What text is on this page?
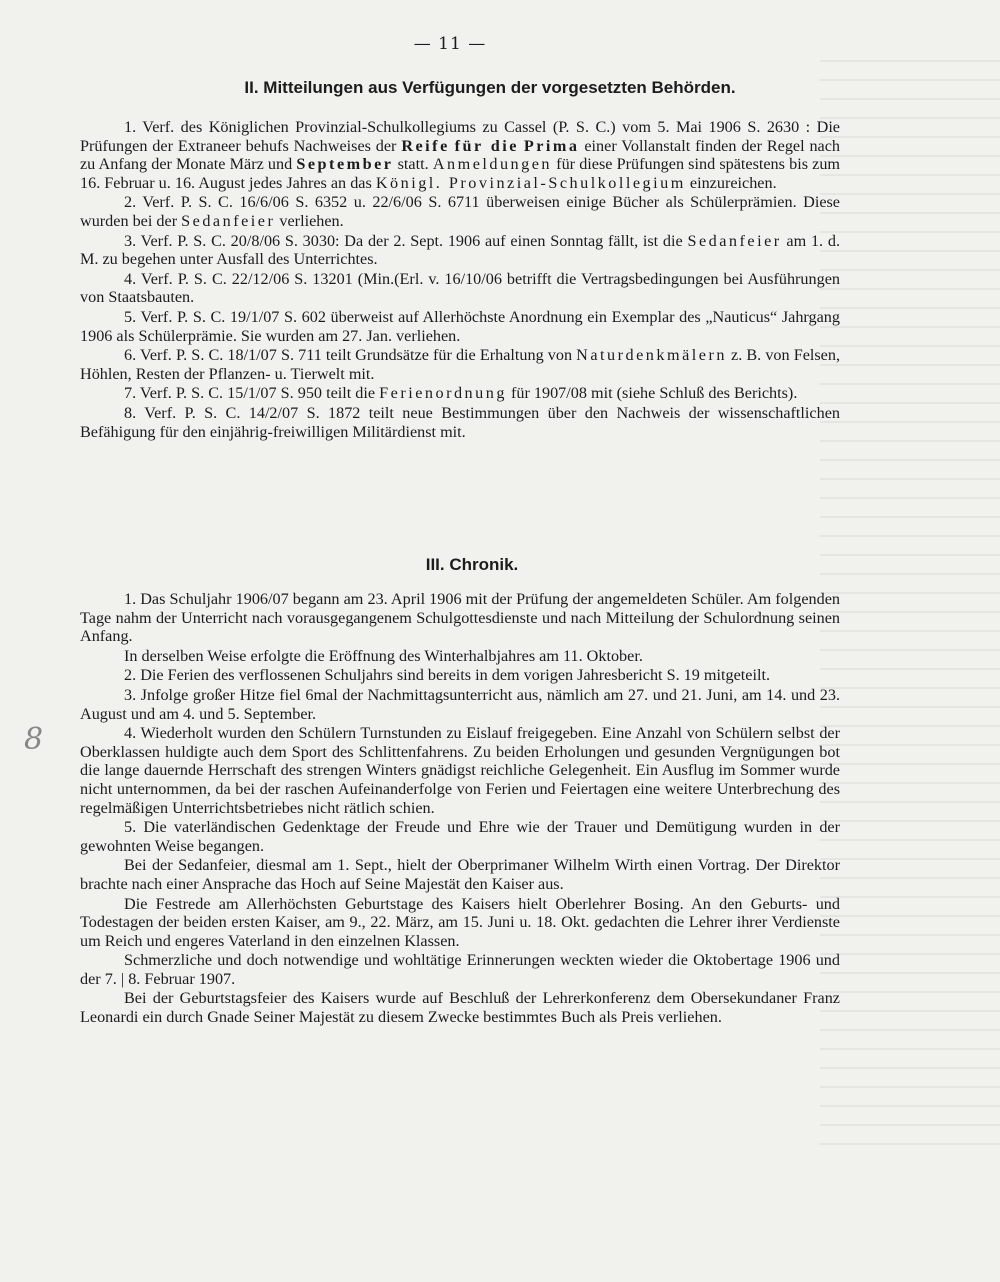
— 11 —
8
II. Mitteilungen aus Verfügungen der vorgesetzten Behörden.

1. Verf. des Königlichen Provinzial-Schulkollegiums zu Cassel (P. S. C.) vom 5. Mai 1906 S. 2630 : Die Prüfungen der Extraneer behufs Nachweises der Reife für die Prima einer Vollanstalt finden der Regel nach zu Anfang der Monate März und September statt. Anmeldungen für diese Prüfungen sind spätestens bis zum 16. Februar u. 16. August jedes Jahres an das Königl. Provinzial-Schulkollegium einzureichen.

2. Verf. P. S. C. 16/6/06 S. 6352 u. 22/6/06 S. 6711 überweisen einige Bücher als Schülerprämien. Diese wurden bei der Sedanfeier verliehen.

3. Verf. P. S. C. 20/8/06 S. 3030: Da der 2. Sept. 1906 auf einen Sonntag fällt, ist die Sedanfeier am 1. d. M. zu begehen unter Ausfall des Unterrichtes.

4. Verf. P. S. C. 22/12/06 S. 13201 (Min.(Erl. v. 16/10/06 betrifft die Vertragsbedingungen bei Ausführungen von Staatsbauten.

5. Verf. P. S. C. 19/1/07 S. 602 überweist auf Allerhöchste Anordnung ein Exemplar des „Nauticus“ Jahrgang 1906 als Schülerprämie. Sie wurden am 27. Jan. verliehen.

6. Verf. P. S. C. 18/1/07 S. 711 teilt Grundsätze für die Erhaltung von Naturdenkmälern z. B. von Felsen, Höhlen, Resten der Pflanzen- u. Tierwelt mit.

7. Verf. P. S. C. 15/1/07 S. 950 teilt die Ferienordnung für 1907/08 mit (siehe Schluß des Berichts).

8. Verf. P. S. C. 14/2/07 S. 1872 teilt neue Bestimmungen über den Nachweis der wissenschaftlichen Befähigung für den einjährig-freiwilligen Militärdienst mit.

III. Chronik.

1. Das Schuljahr 1906/07 begann am 23. April 1906 mit der Prüfung der angemeldeten Schüler. Am folgenden Tage nahm der Unterricht nach vorausgegangenem Schulgottesdienste und nach Mitteilung der Schulordnung seinen Anfang.

In derselben Weise erfolgte die Eröffnung des Winterhalbjahres am 11. Oktober.

2. Die Ferien des verflossenen Schuljahrs sind bereits in dem vorigen Jahresbericht S. 19 mitgeteilt.

3. Jnfolge großer Hitze fiel 6mal der Nachmittagsunterricht aus, nämlich am 27. und 21. Juni, am 14. und 23. August und am 4. und 5. September.

4. Wiederholt wurden den Schülern Turnstunden zu Eislauf freigegeben. Eine Anzahl von Schülern selbst der Oberklassen huldigte auch dem Sport des Schlittenfahrens. Zu beiden Erholungen und gesunden Vergnügungen bot die lange dauernde Herrschaft des strengen Winters gnädigst reichliche Gelegenheit. Ein Ausflug im Sommer wurde nicht unternommen, da bei der raschen Aufeinanderfolge von Ferien und Feiertagen eine weitere Unterbrechung des regelmäßigen Unterrichtsbetriebes nicht rätlich schien.

5. Die vaterländischen Gedenktage der Freude und Ehre wie der Trauer und Demütigung wurden in der gewohnten Weise begangen.

Bei der Sedanfeier, diesmal am 1. Sept., hielt der Oberprimaner Wilhelm Wirth einen Vortrag. Der Direktor brachte nach einer Ansprache das Hoch auf Seine Majestät den Kaiser aus.

Die Festrede am Allerhöchsten Geburtstage des Kaisers hielt Oberlehrer Bosing. An den Geburts- und Todestagen der beiden ersten Kaiser, am 9., 22. März, am 15. Juni u. 18. Okt. gedachten die Lehrer ihrer Verdienste um Reich und engeres Vaterland in den einzelnen Klassen.

Schmerzliche und doch notwendige und wohltätige Erinnerungen weckten wieder die Oktobertage 1906 und der 7. | 8. Februar 1907.

Bei der Geburtstagsfeier des Kaisers wurde auf Beschluß der Lehrerkonferenz dem Obersekundaner Franz Leonardi ein durch Gnade Seiner Majestät zu diesem Zwecke bestimmtes Buch als Preis verliehen.
